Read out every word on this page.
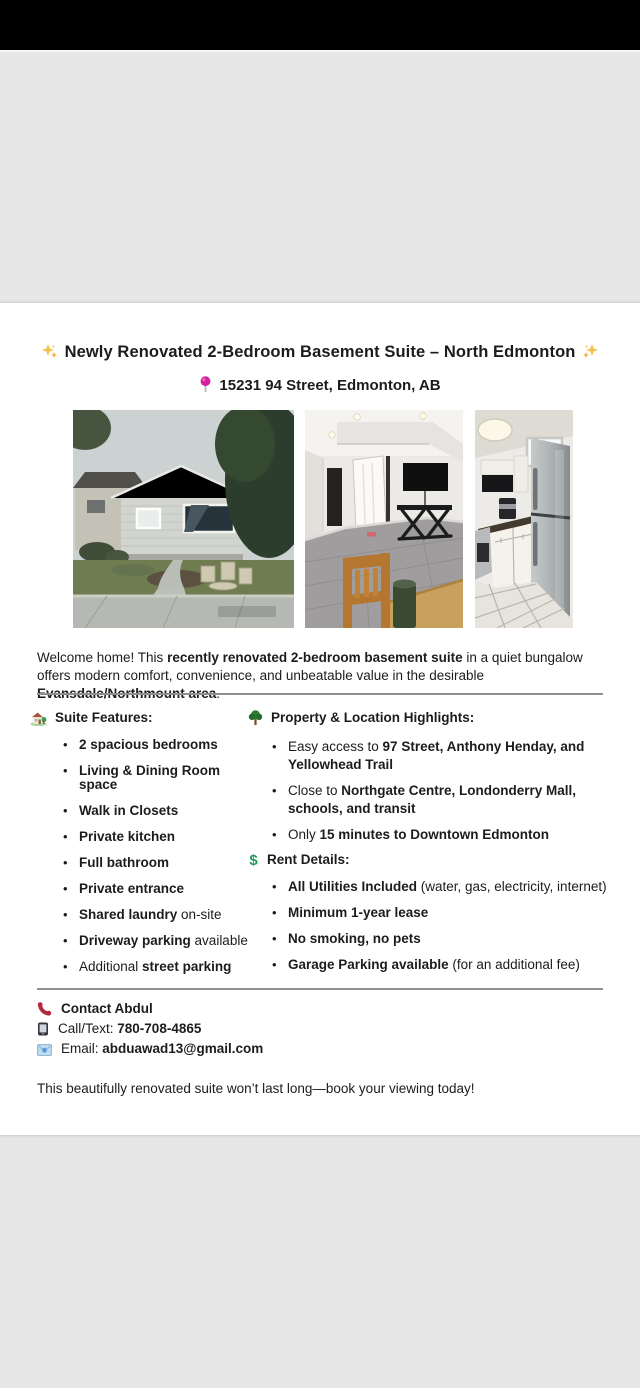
Newly Renovated 2-Bedroom Basement Suite – North Edmonton
15231 94 Street, Edmonton, AB

Welcome home! This recently renovated 2-bedroom basement suite in a quiet bungalow offers modern comfort, convenience, and unbeatable value in the desirable

Suite Features:
• 2 spacious bedrooms
• Living & Dining Room space
• Walk in Closets
• Private kitchen
• Full bathroom
• Private entrance
• Shared laundry on-site
• Driveway parking available
• Additional street parking
Property & Location Highlights:
• Easy access to 97 Street, Anthony Henday, and Yellowhead Trail
• Close to Northgate Centre, Londonderry Mall, schools, and transit
• Only 15 minutes to Downtown Edmonton
$ Rent Details:
• All Utilities Included (water, gas, electricity, internet)
• Minimum 1-year lease
• No smoking, no pets
• Garage Parking available (for an additional fee)
Contact Abdul
Call/Text: 780-708-4865
Email: abduawad13@gmail.com

This beautifully renovated suite won’t last long—book your viewing today!
